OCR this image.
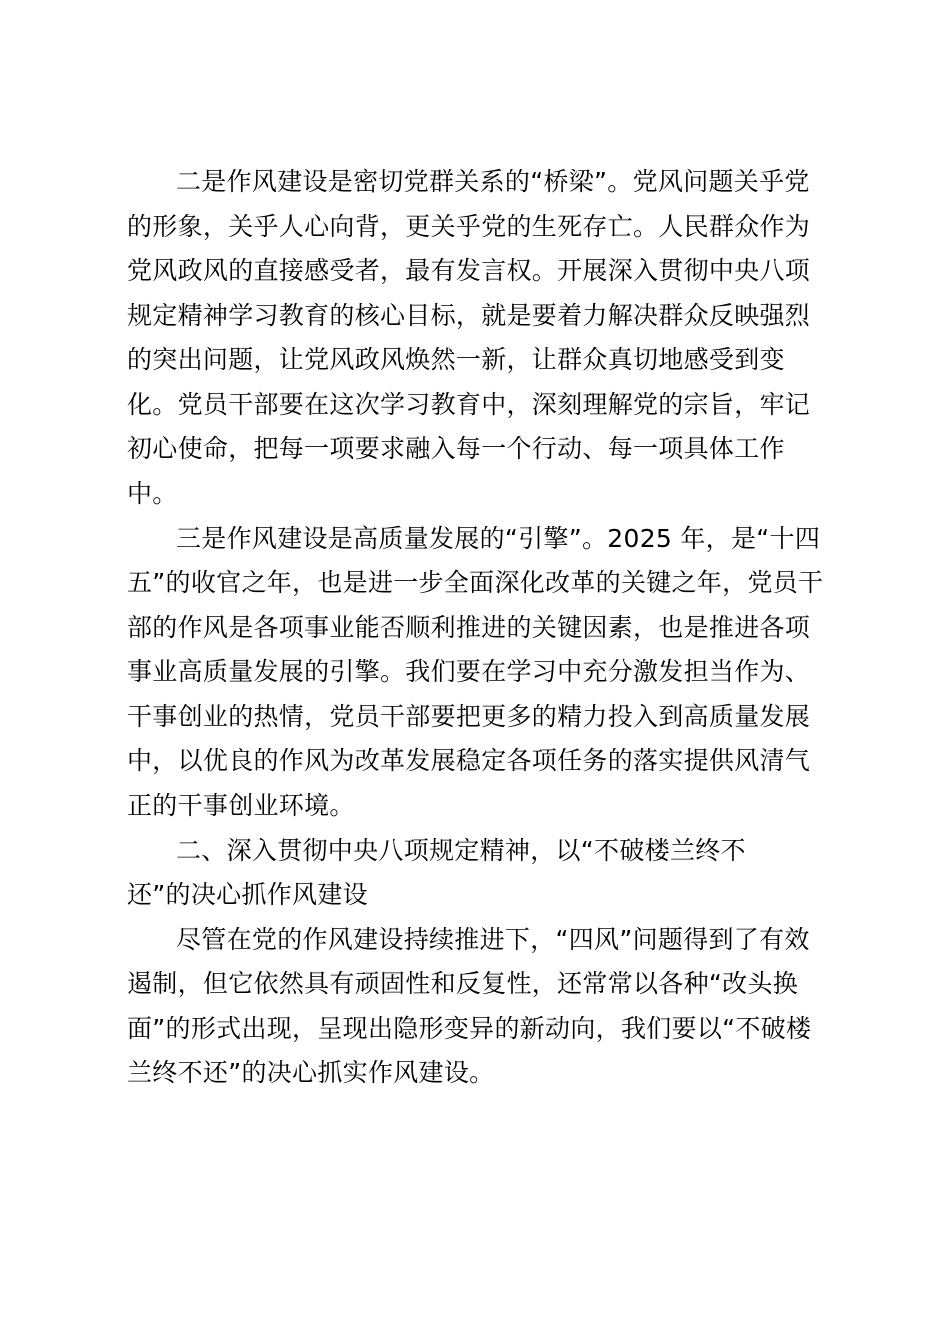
二是作风建设是密切党群关系的“桥梁”。党风问题关乎党
的形象，关乎人心向背，更关乎党的生死存亡。人民群众作为
党风政风的直接感受者，最有发言权。开展深入贯彻中央八项
规定精神学习教育的核心目标，就是要着力解决群众反映强烈
的突出问题，让党风政风焕然一新，让群众真切地感受到变
化。党员干部要在这次学习教育中，深刻理解党的宗旨，牢记
初心使命，把每一项要求融入每一个行动、每一项具体工作
中。
三是作风建设是高质量发展的“引擎”。2025 年，是“十四
五”的收官之年，也是进一步全面深化改革的关键之年，党员干
部的作风是各项事业能否顺利推进的关键因素，也是推进各项
事业高质量发展的引擎。我们要在学习中充分激发担当作为、
干事创业的热情，党员干部要把更多的精力投入到高质量发展
中，以优良的作风为改革发展稳定各项任务的落实提供风清气
正的干事创业环境。
二、深入贯彻中央八项规定精神，以“不破楼兰终不
还”的决心抓作风建设
尽管在党的作风建设持续推进下，“四风”问题得到了有效
遏制，但它依然具有顽固性和反复性，还常常以各种“改头换
面”的形式出现，呈现出隐形变异的新动向，我们要以“不破楼
兰终不还”的决心抓实作风建设。
